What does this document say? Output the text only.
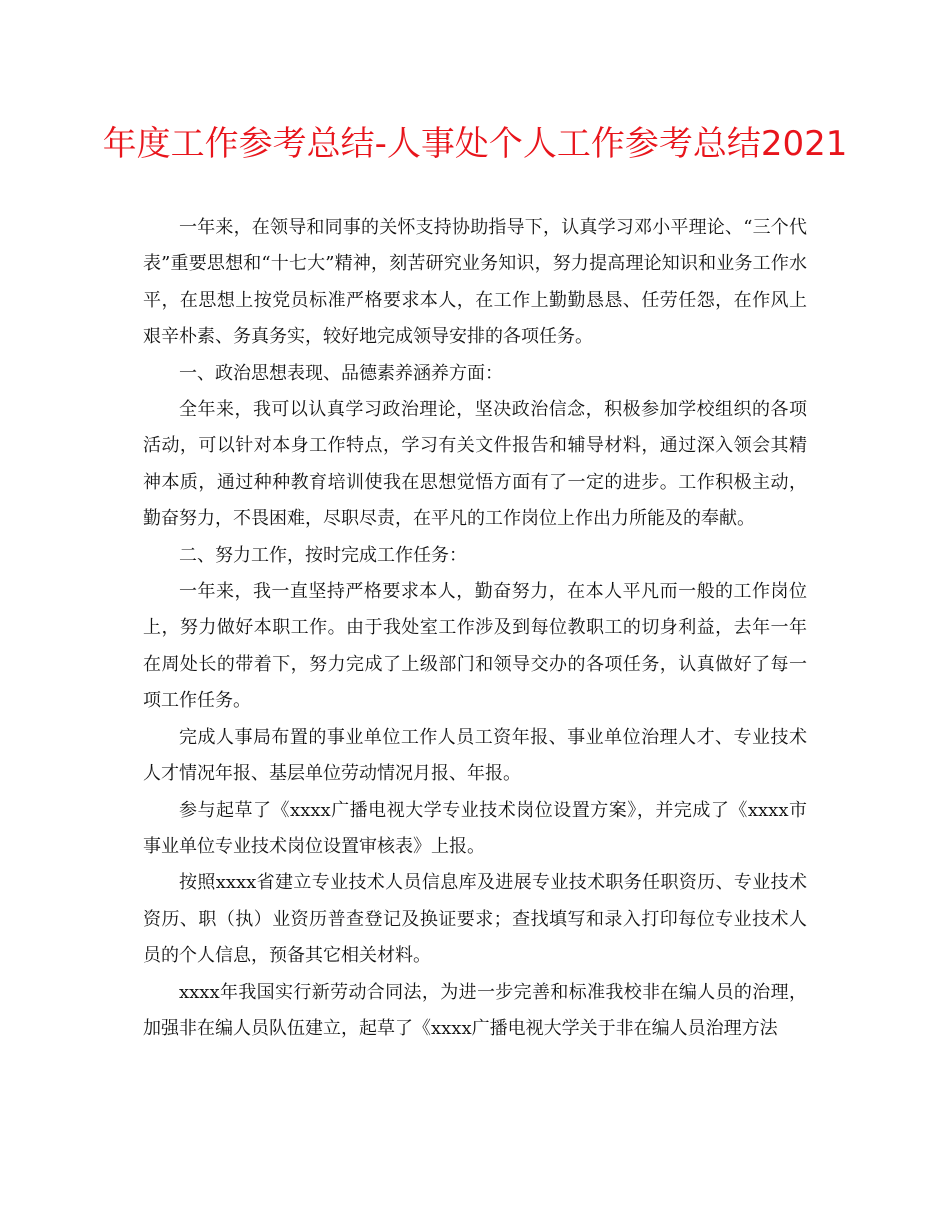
年度工作参考总结-人事处个人工作参考总结2021

一年来，在领导和同事的关怀支持协助指导下，认真学习邓小平理论、“三个代表”重要思想和“十七大”精神，刻苦研究业务知识，努力提高理论知识和业务工作水平，在思想上按党员标准严格要求本人，在工作上勤勤恳恳、任劳任怨，在作风上艰辛朴素、务真务实，较好地完成领导安排的各项任务。

一、政治思想表现、品德素养涵养方面：

全年来，我可以认真学习政治理论，坚决政治信念，积极参加学校组织的各项活动，可以针对本身工作特点，学习有关文件报告和辅导材料，通过深入领会其精神本质，通过种种教育培训使我在思想觉悟方面有了一定的进步。工作积极主动，勤奋努力，不畏困难，尽职尽责，在平凡的工作岗位上作出力所能及的奉献。

二、努力工作，按时完成工作任务：

一年来，我一直坚持严格要求本人，勤奋努力，在本人平凡而一般的工作岗位上，努力做好本职工作。由于我处室工作涉及到每位教职工的切身利益，去年一年在周处长的带着下，努力完成了上级部门和领导交办的各项任务，认真做好了每一项工作任务。

完成人事局布置的事业单位工作人员工资年报、事业单位治理人才、专业技术人才情况年报、基层单位劳动情况月报、年报。

参与起草了《xxxx广播电视大学专业技术岗位设置方案》，并完成了《xxxx市事业单位专业技术岗位设置审核表》上报。

按照xxxx省建立专业技术人员信息库及进展专业技术职务任职资历、专业技术资历、职（执）业资历普查登记及换证要求；查找填写和录入打印每位专业技术人员的个人信息，预备其它相关材料。

xxxx年我国实行新劳动合同法，为进一步完善和标准我校非在编人员的治理，加强非在编人员队伍建立，起草了《xxxx广播电视大学关于非在编人员治理方法
